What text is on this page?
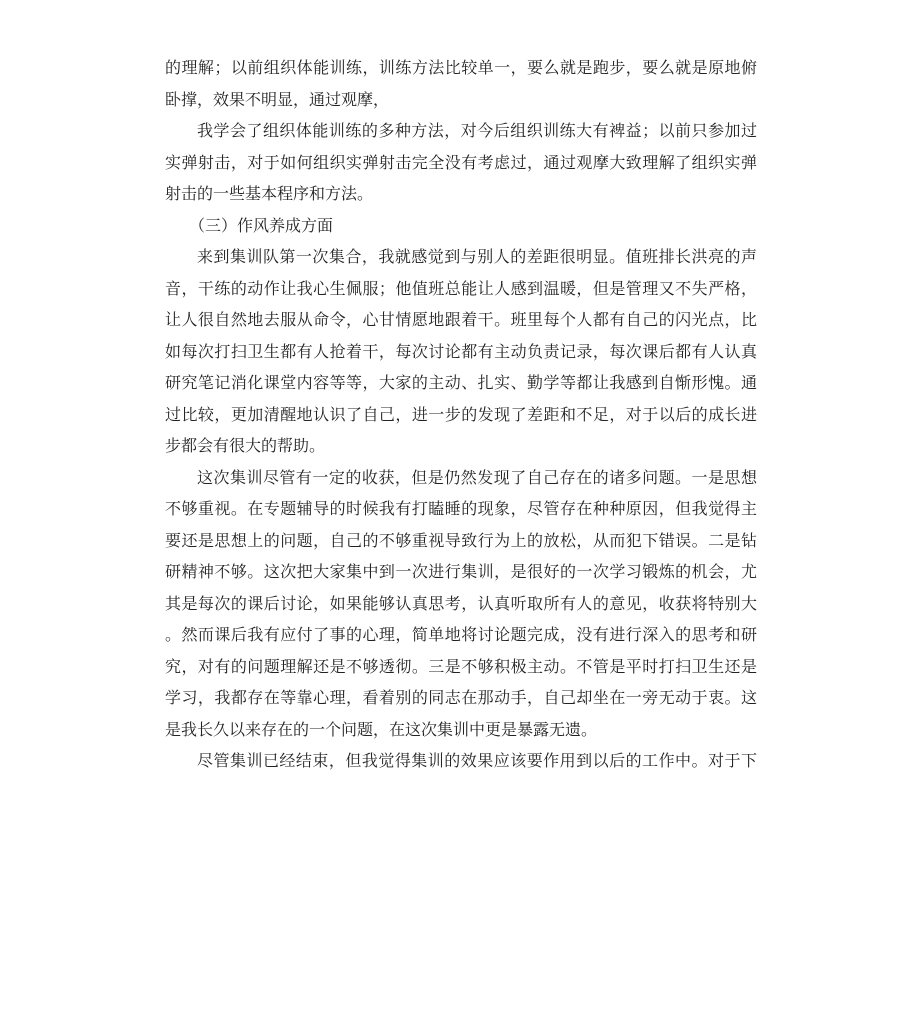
的理解；以前组织体能训练，训练方法比较单一，要么就是跑步，要么就是原地俯
卧撑，效果不明显，通过观摩，

我学会了组织体能训练的多种方法，对今后组织训练大有裨益；以前只参加过
实弹射击，对于如何组织实弹射击完全没有考虑过，通过观摩大致理解了组织实弹
射击的一些基本程序和方法。

（三）作风养成方面

来到集训队第一次集合，我就感觉到与别人的差距很明显。值班排长洪亮的声
音，干练的动作让我心生佩服；他值班总能让人感到温暖，但是管理又不失严格，
让人很自然地去服从命令，心甘情愿地跟着干。班里每个人都有自己的闪光点，比
如每次打扫卫生都有人抢着干，每次讨论都有主动负责记录，每次课后都有人认真
研究笔记消化课堂内容等等，大家的主动、扎实、勤学等都让我感到自惭形愧。通
过比较，更加清醒地认识了自己，进一步的发现了差距和不足，对于以后的成长进
步都会有很大的帮助。

这次集训尽管有一定的收获，但是仍然发现了自己存在的诸多问题。一是思想
不够重视。在专题辅导的时候我有打瞌睡的现象，尽管存在种种原因，但我觉得主
要还是思想上的问题，自己的不够重视导致行为上的放松，从而犯下错误。二是钻
研精神不够。这次把大家集中到一次进行集训，是很好的一次学习锻炼的机会，尤
其是每次的课后讨论，如果能够认真思考，认真听取所有人的意见，收获将特别大
。然而课后我有应付了事的心理，简单地将讨论题完成，没有进行深入的思考和研
究，对有的问题理解还是不够透彻。三是不够积极主动。不管是平时打扫卫生还是
学习，我都存在等靠心理，看着别的同志在那动手，自己却坐在一旁无动于衷。这
是我长久以来存在的一个问题，在这次集训中更是暴露无遗。

尽管集训已经结束，但我觉得集训的效果应该要作用到以后的工作中。对于下
